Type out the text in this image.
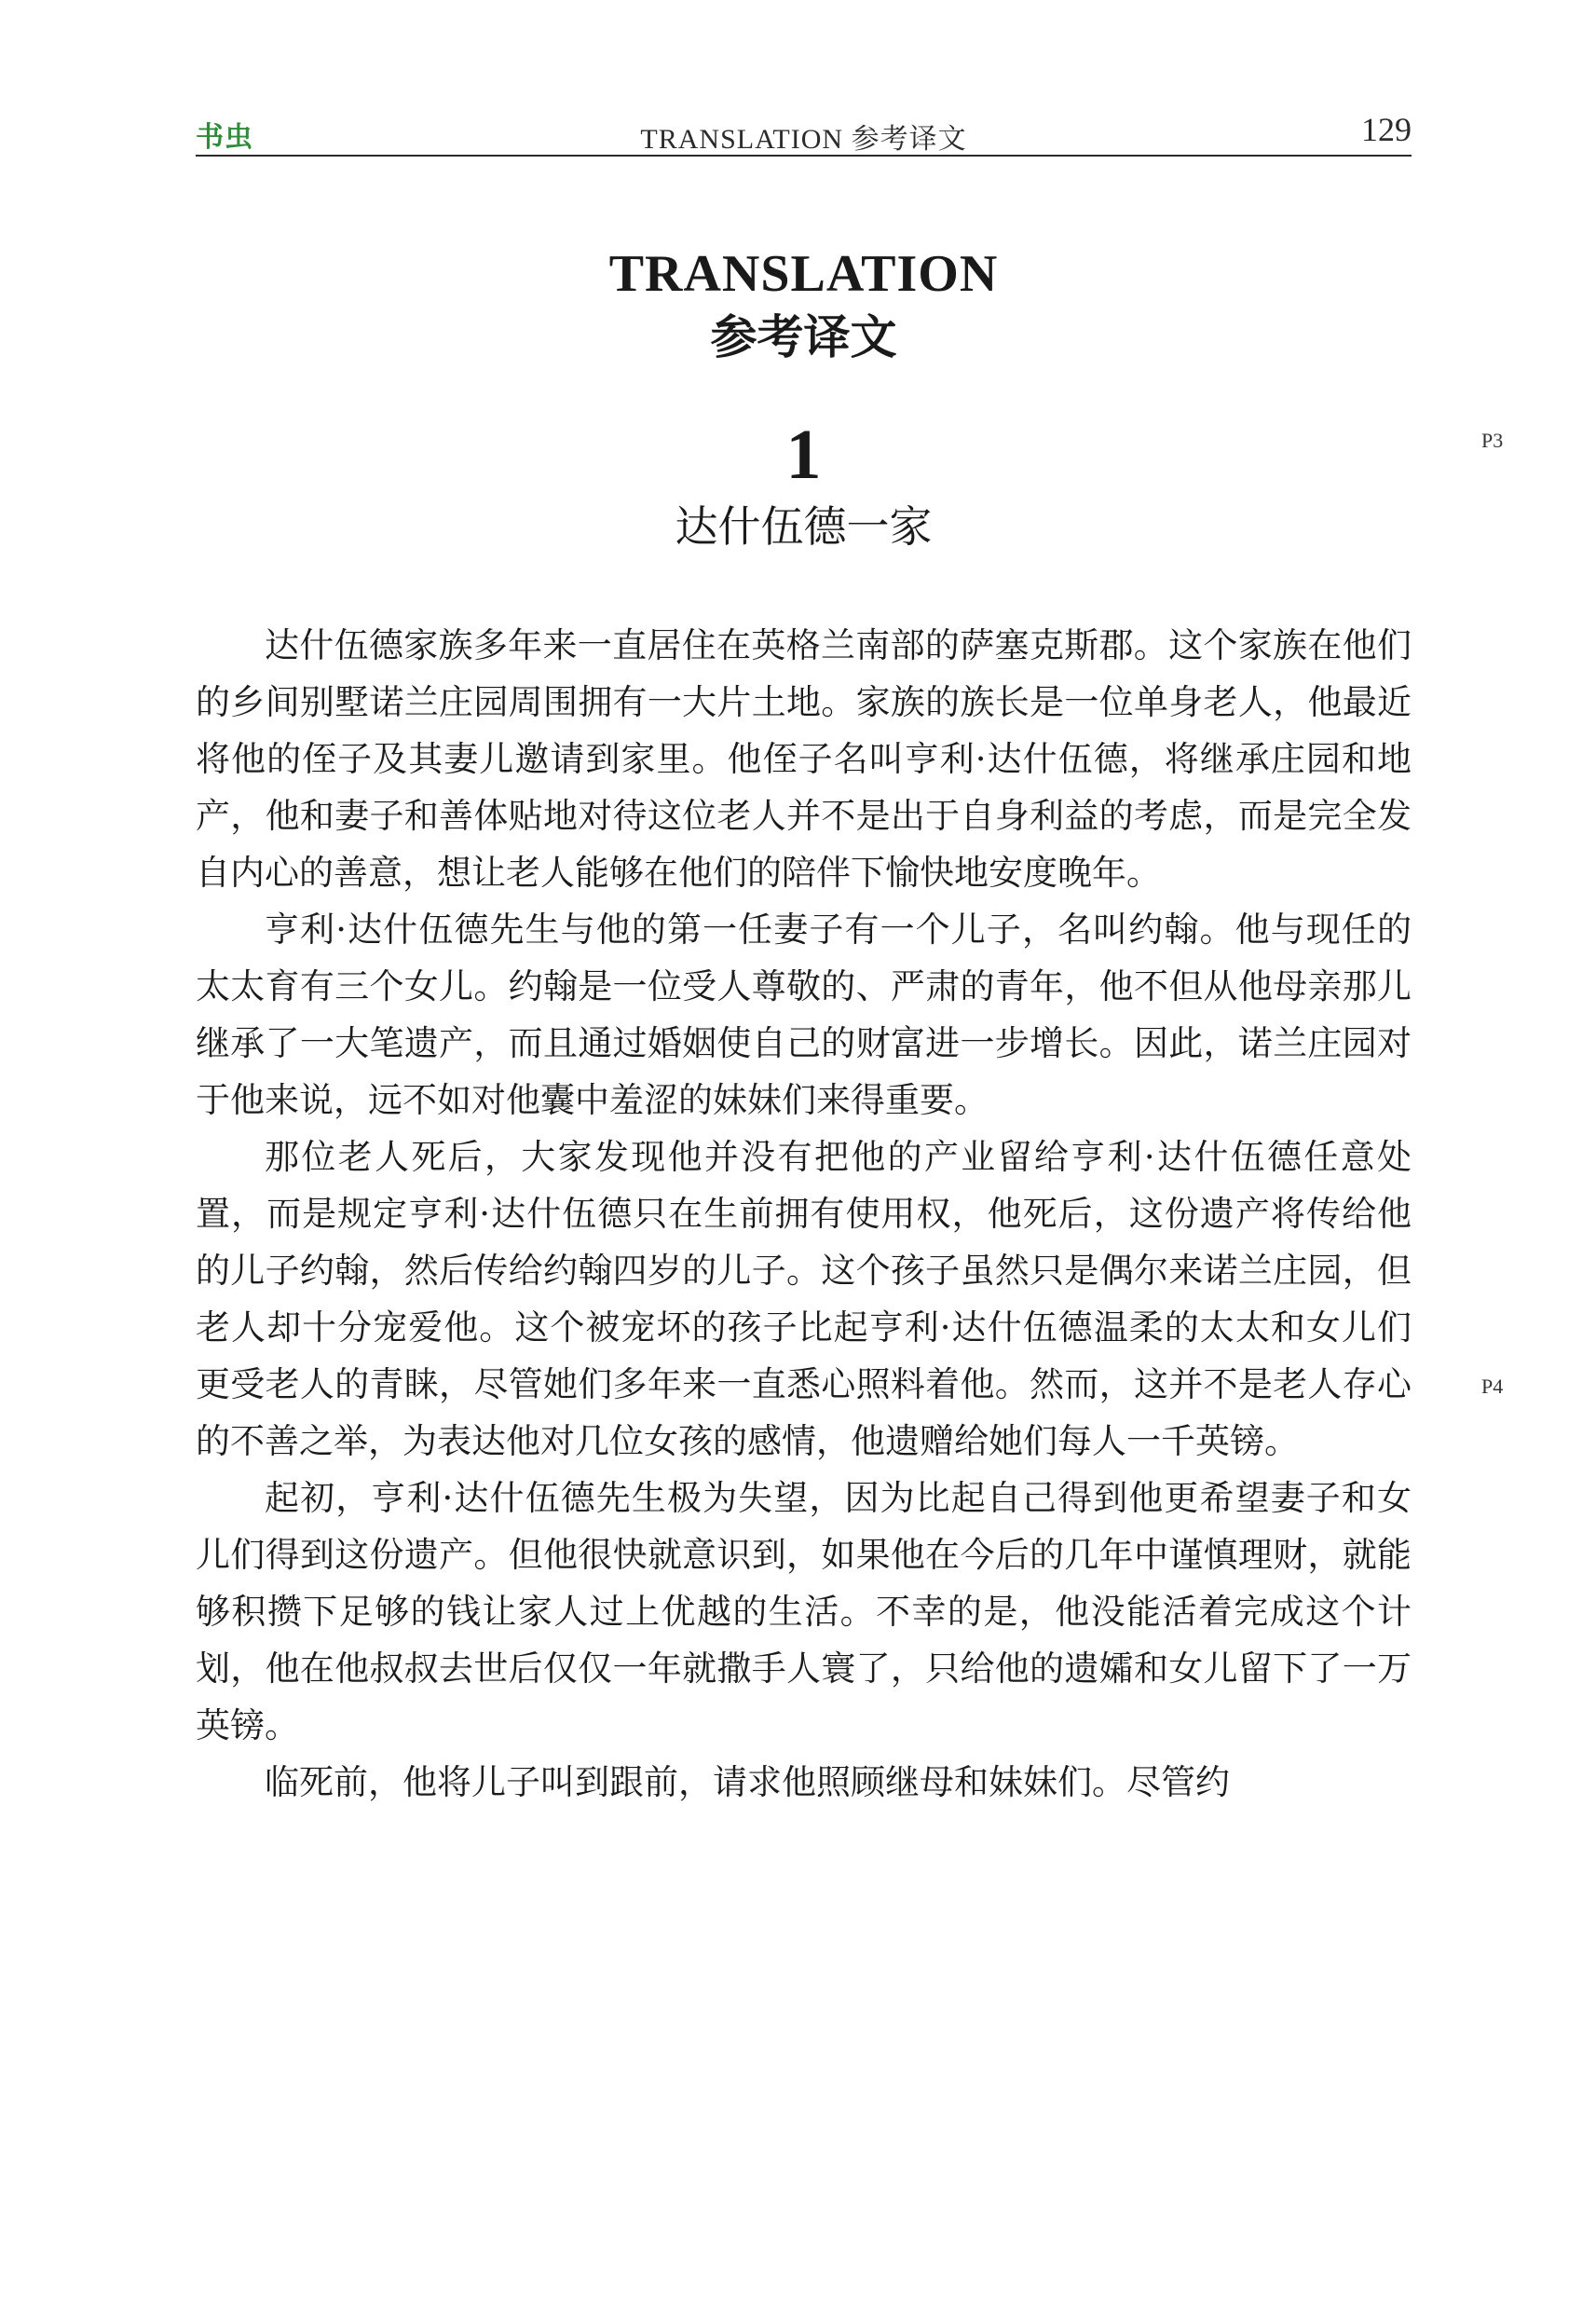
书虫	TRANSLATION 参考译文	129
TRANSLATION
参考译文
1
达什伍德一家
P3
P4

达什伍德家族多年来一直居住在英格兰南部的萨塞克斯郡。这个家族在他们的乡间别墅诺兰庄园周围拥有一大片土地。家族的族长是一位单身老人，他最近将他的侄子及其妻儿邀请到家里。他侄子名叫亨利·达什伍德，将继承庄园和地产，他和妻子和善体贴地对待这位老人并不是出于自身利益的考虑，而是完全发自内心的善意，想让老人能够在他们的陪伴下愉快地安度晚年。

亨利·达什伍德先生与他的第一任妻子有一个儿子，名叫约翰。他与现任的太太育有三个女儿。约翰是一位受人尊敬的、严肃的青年，他不但从他母亲那儿继承了一大笔遗产，而且通过婚姻使自己的财富进一步增长。因此，诺兰庄园对于他来说，远不如对他囊中羞涩的妹妹们来得重要。

那位老人死后，大家发现他并没有把他的产业留给亨利·达什伍德任意处置，而是规定亨利·达什伍德只在生前拥有使用权，他死后，这份遗产将传给他的儿子约翰，然后传给约翰四岁的儿子。这个孩子虽然只是偶尔来诺兰庄园，但老人却十分宠爱他。这个被宠坏的孩子比起亨利·达什伍德温柔的太太和女儿们更受老人的青睐，尽管她们多年来一直悉心照料着他。然而，这并不是老人存心的不善之举，为表达他对几位女孩的感情，他遗赠给她们每人一千英镑。

起初，亨利·达什伍德先生极为失望，因为比起自己得到他更希望妻子和女儿们得到这份遗产。但他很快就意识到，如果他在今后的几年中谨慎理财，就能够积攒下足够的钱让家人过上优越的生活。不幸的是，他没能活着完成这个计划，他在他叔叔去世后仅仅一年就撒手人寰了，只给他的遗孀和女儿留下了一万英镑。

临死前，他将儿子叫到跟前，请求他照顾继母和妹妹们。尽管约
